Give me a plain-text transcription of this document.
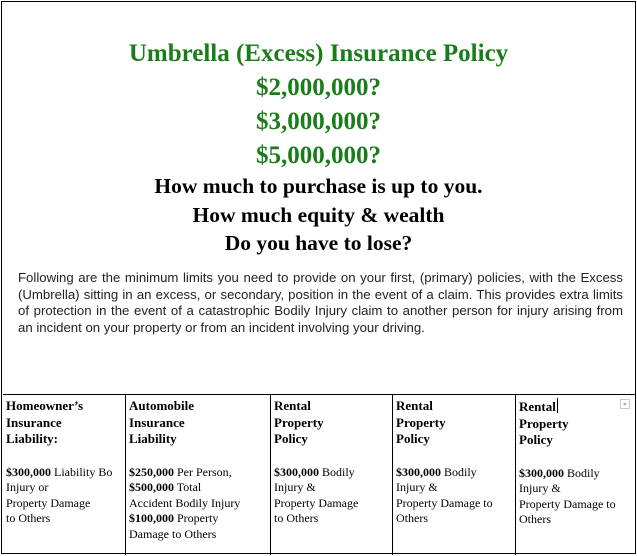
Umbrella (Excess) Insurance Policy
$2,000,000?
$3,000,000?
$5,000,000?
How much to purchase is up to you.
How much equity & wealth
Do you have to lose?

Following are the minimum limits you need to provide on your first, (primary) policies, with the Excess (Umbrella) sitting in an excess, or secondary, position in the event of a claim. This provides extra limits of protection in the event of a catastrophic Bodily Injury claim to another person for injury arising from an incident on your property or from an incident involving your driving.

Homeowner’s
Insurance
Liability:
$300,000 Liability Bo
Injury or
Property Damage
to Others
Automobile
Insurance
Liability
$250,000 Per Person,
$500,000 Total
Accident Bodily Injury
$100,000 Property
Damage to Others
Rental
Property
Policy
$300,000 Bodily
Injury &
Property Damage
to Others
Rental
Property
Policy
$300,000 Bodily
Injury &
Property Damage to
Others
Rental
Property
Policy
$300,000 Bodily
Injury &
Property Damage to
Others
